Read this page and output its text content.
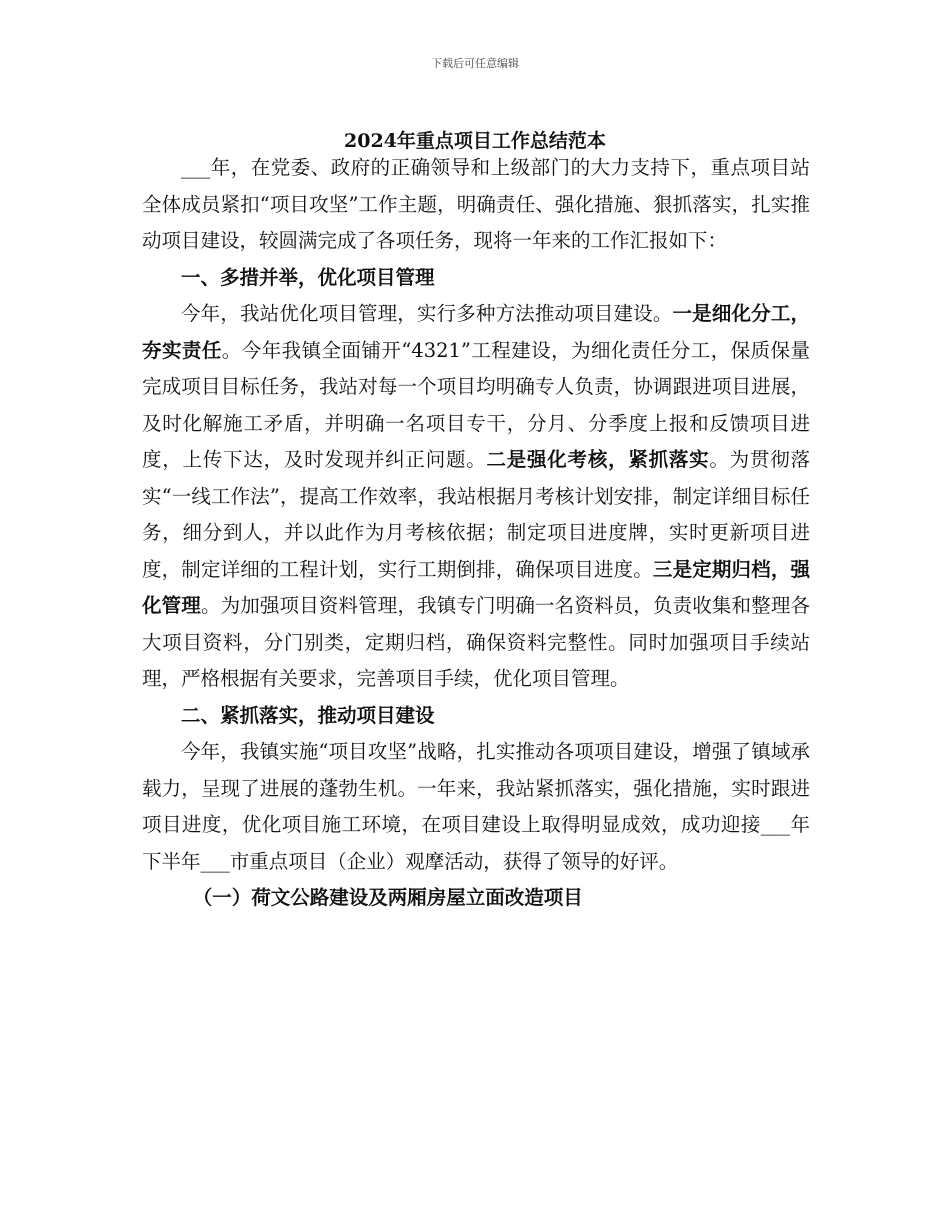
下载后可任意编辑
2024年重点项目工作总结范本

___年，在党委、政府的正确领导和上级部门的大力支持下，重点项目站全体成员紧扣“项目攻坚”工作主题，明确责任、强化措施、狠抓落实，扎实推动项目建设，较圆满完成了各项任务，现将一年来的工作汇报如下：

一、多措并举，优化项目管理

今年，我站优化项目管理，实行多种方法推动项目建设。一是细化分工，夯实责任。今年我镇全面铺开“4321”工程建设，为细化责任分工，保质保量完成项目目标任务，我站对每一个项目均明确专人负责，协调跟进项目进展，及时化解施工矛盾，并明确一名项目专干，分月、分季度上报和反馈项目进度，上传下达，及时发现并纠正问题。二是强化考核，紧抓落实。为贯彻落实“一线工作法”，提高工作效率，我站根据月考核计划安排，制定详细目标任务，细分到人，并以此作为月考核依据；制定项目进度牌，实时更新项目进度，制定详细的工程计划，实行工期倒排，确保项目进度。三是定期归档，强化管理。为加强项目资料管理，我镇专门明确一名资料员，负责收集和整理各大项目资料，分门别类，定期归档，确保资料完整性。同时加强项目手续站理，严格根据有关要求，完善项目手续，优化项目管理。

二、紧抓落实，推动项目建设

今年，我镇实施“项目攻坚”战略，扎实推动各项项目建设，增强了镇域承载力，呈现了进展的蓬勃生机。一年来，我站紧抓落实，强化措施，实时跟进项目进度，优化项目施工环境，在项目建设上取得明显成效，成功迎接___年下半年___市重点项目（企业）观摩活动，获得了领导的好评。

（一）荷文公路建设及两厢房屋立面改造项目
